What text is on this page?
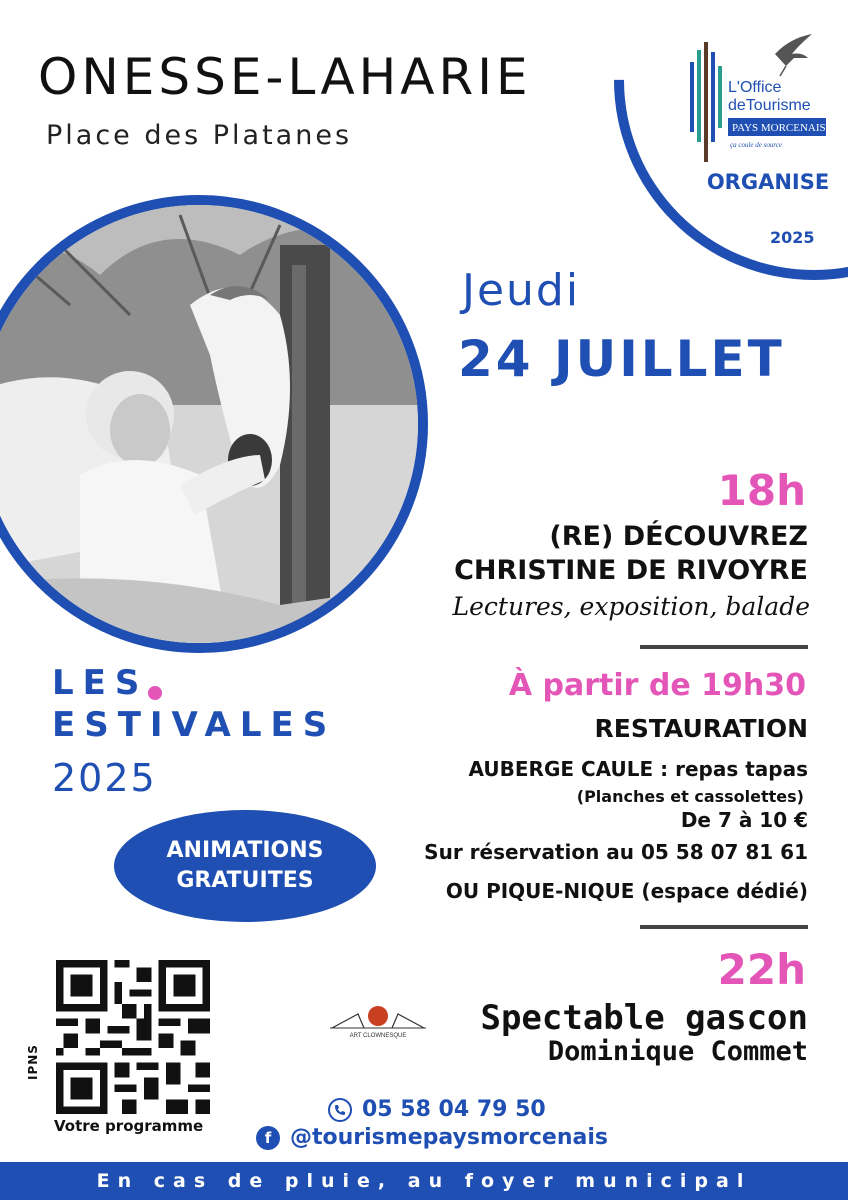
ONESSE-LAHARIE
Place des Platanes
L'Office
deTourisme
PAYS MORCENAIS
ça coule de source
ORGANISE
2025
Jeudi
24 JUILLET
18h
(RE) DÉCOUVREZ
CHRISTINE DE RIVOYRE
Lectures, exposition, balade
LES
ESTIVALES
2025
À partir de 19h30
RESTAURATION
AUBERGE CAULE : repas tapas
(Planches et cassolettes)
De 7 à 10 €
Sur réservation au 05 58 07 81 61
OU PIQUE-NIQUE (espace dédié)
ANIMATIONS
GRATUITES
22h
ART CLOWNESQUE Spectable gascon
Dominique Commet
IPNS
Votre programme
05 58 04 79 50
f @tourismepaysmorcenais
En cas de pluie, au foyer municipal
